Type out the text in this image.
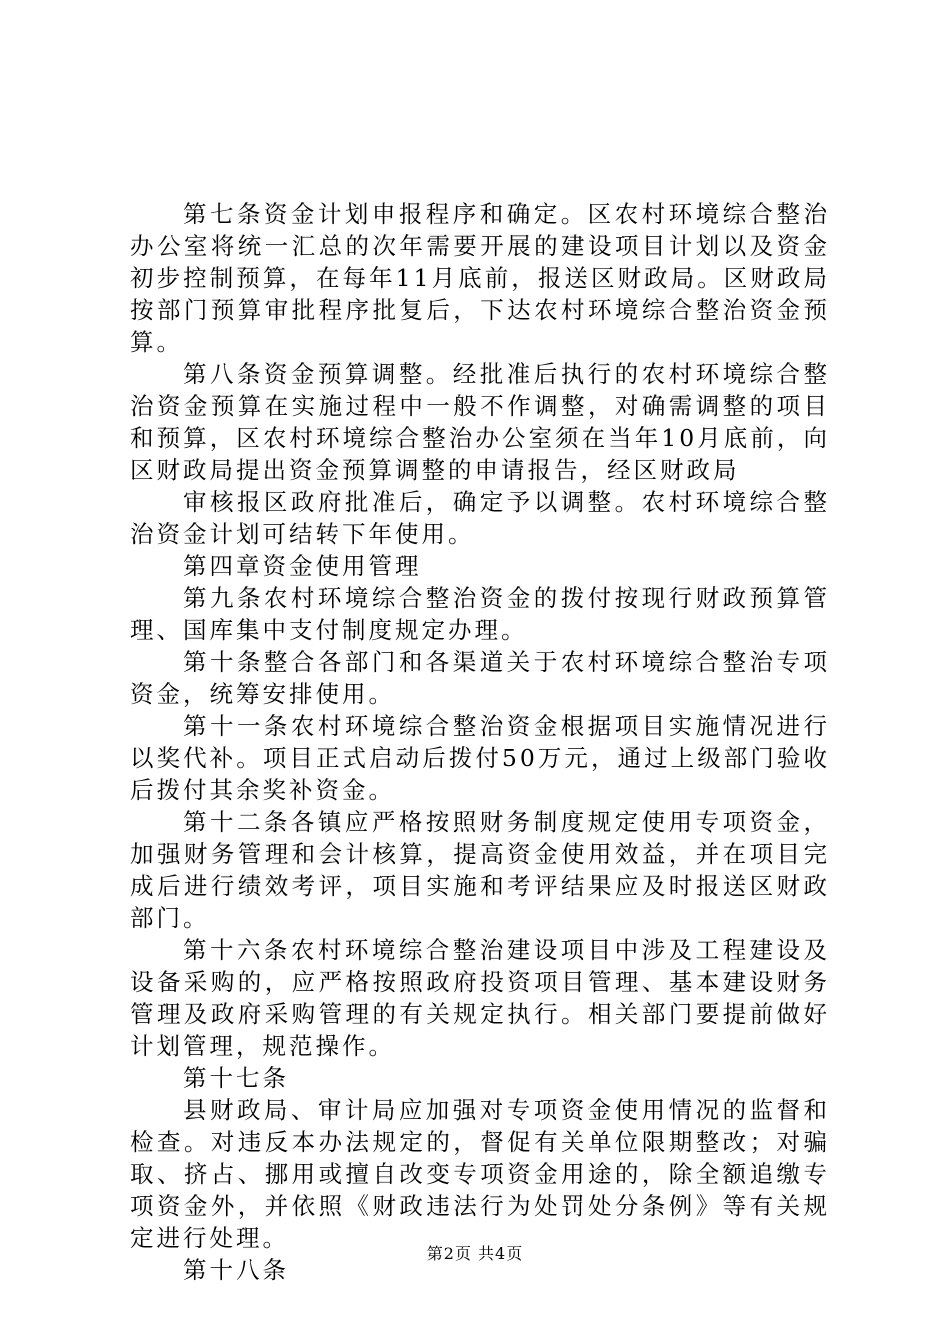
第七条资金计划申报程序和确定。区农村环境综合整治办公室将统一汇总的次年需要开展的建设项目计划以及资金初步控制预算，在每年11月底前，报送区财政局。区财政局按部门预算审批程序批复后，下达农村环境综合整治资金预算。

第八条资金预算调整。经批准后执行的农村环境综合整治资金预算在实施过程中一般不作调整，对确需调整的项目和预算，区农村环境综合整治办公室须在当年10月底前，向区财政局提出资金预算调整的申请报告，经区财政局

审核报区政府批准后，确定予以调整。农村环境综合整治资金计划可结转下年使用。

第四章资金使用管理

第九条农村环境综合整治资金的拨付按现行财政预算管理、国库集中支付制度规定办理。

第十条整合各部门和各渠道关于农村环境综合整治专项资金，统筹安排使用。

第十一条农村环境综合整治资金根据项目实施情况进行以奖代补。项目正式启动后拨付50万元，通过上级部门验收后拨付其余奖补资金。

第十二条各镇应严格按照财务制度规定使用专项资金，加强财务管理和会计核算，提高资金使用效益，并在项目完成后进行绩效考评，项目实施和考评结果应及时报送区财政部门。

第十六条农村环境综合整治建设项目中涉及工程建设及设备采购的，应严格按照政府投资项目管理、基本建设财务管理及政府采购管理的有关规定执行。相关部门要提前做好计划管理，规范操作。

第十七条

县财政局、审计局应加强对专项资金使用情况的监督和检查。对违反本办法规定的，督促有关单位限期整改；对骗取、挤占、挪用或擅自改变专项资金用途的，除全额追缴专项资金外，并依照《财政违法行为处罚处分条例》等有关规定进行处理。

第十八条

第2页 共4页
